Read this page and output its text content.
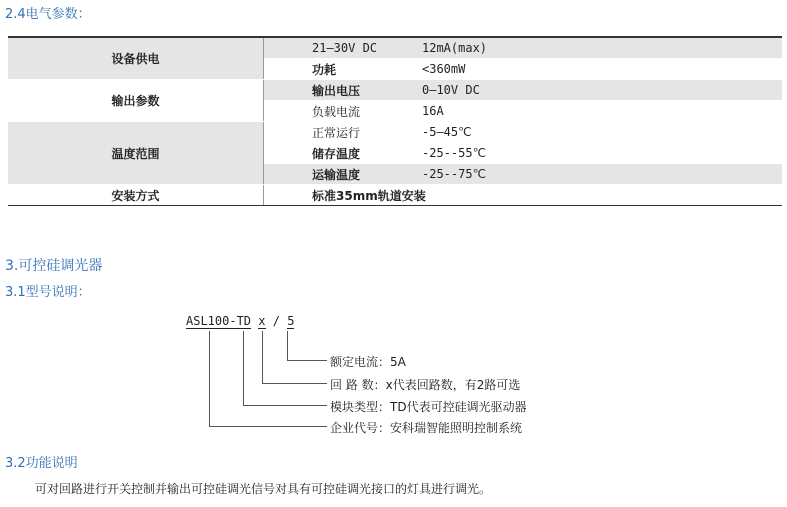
2.4电气参数：
设备供电	21—30V DC	12mA(max)
	功耗	<360mW
输出参数	输出电压	0—10V DC
	负载电流	16A
温度范围	正常运行	-5—45℃
	储存温度	-25--55℃
	运输温度	-25--75℃
安装方式	标准35mm轨道安装	
3.可控硅调光器
3.1型号说明：
ASL100-TD x / 5
额定电流：5A
回 路 数：x代表回路数，有2路可选
模块类型：TD代表可控硅调光驱动器
企业代号：安科瑞智能照明控制系统
3.2功能说明
可对回路进行开关控制并输出可控硅调光信号对具有可控硅调光接口的灯具进行调光。
